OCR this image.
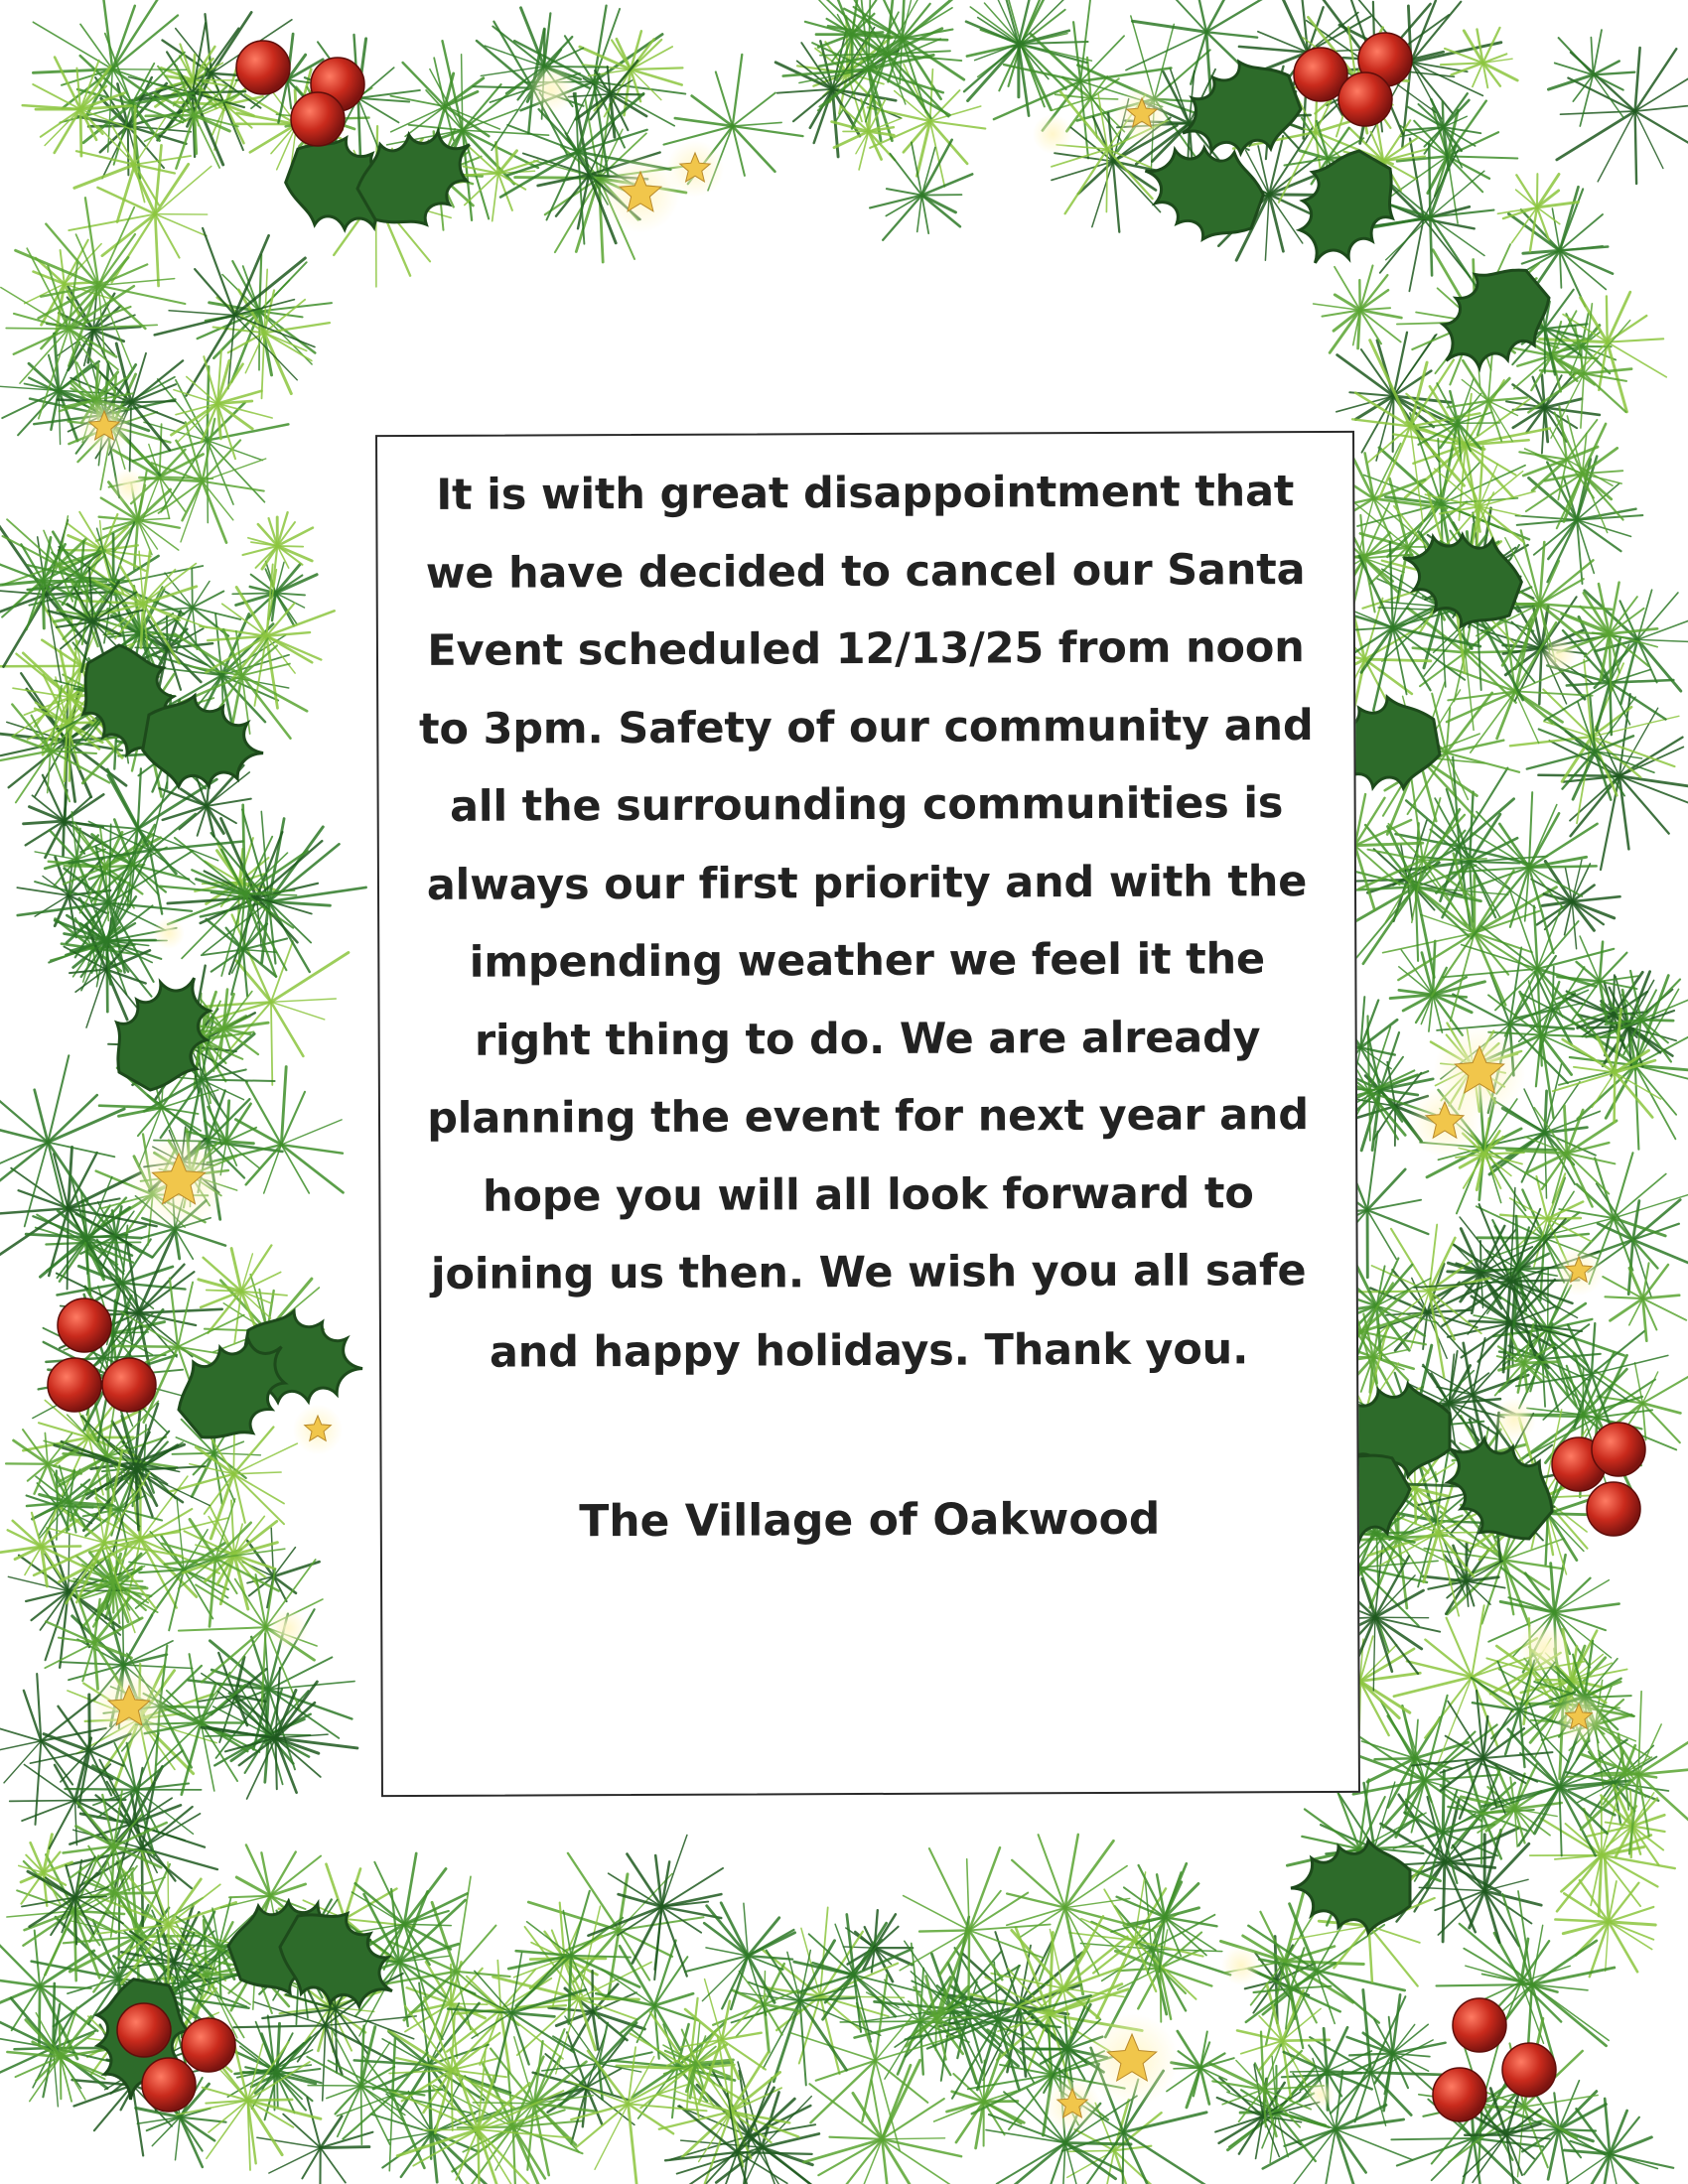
It is with great disappointment that
we have decided to cancel our Santa
Event scheduled 12/13/25 from noon
to 3pm. Safety of our community and
all the surrounding communities is
always our first priority and with the
impending weather we feel it the
right thing to do. We are already
planning the event for next year and
hope you will all look forward to
joining us then. We wish you all safe
and happy holidays. Thank you.
The Village of Oakwood
